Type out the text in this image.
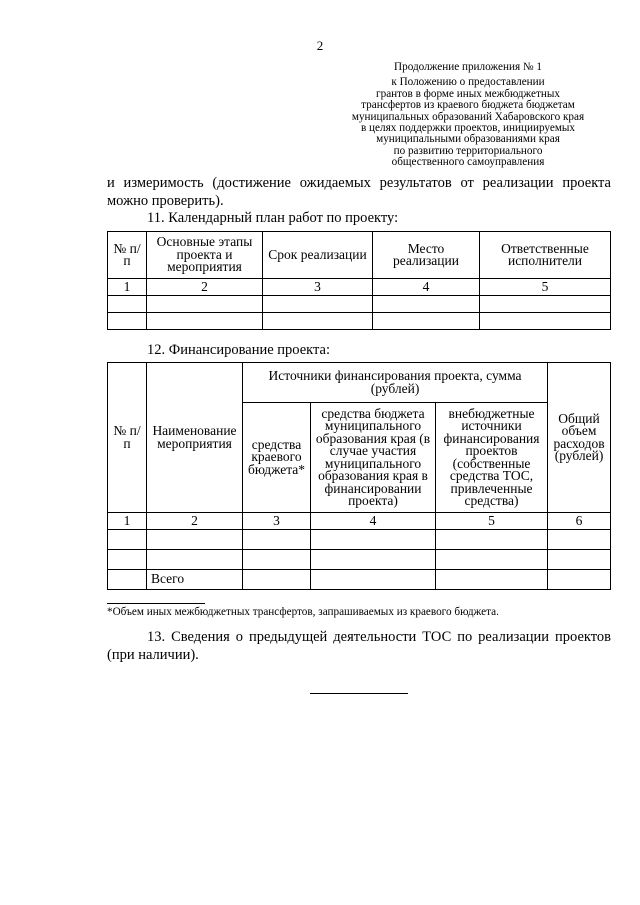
2
Продолжение приложения № 1
к Положению о предоставлении
грантов в форме иных межбюджетных
трансфертов из краевого бюджета бюджетам
муниципальных образований Хабаровского края
в целях поддержки проектов, инициируемых
муниципальными образованиями края
по развитию территориального
общественного самоуправления
и измеримость (достижение ожидаемых результатов от реализации проекта
можно проверить).
11. Календарный план работ по проекту:
№ п/п	Основные этапы проекта и мероприятия	Срок реализации	Место реализации	Ответственные исполнители
1	2	3	4	5

12. Финансирование проекта:
№ п/п	Наименование мероприятия	Источники финансирования проекта, сумма (рублей)			Общий объем расходов (рублей)
		средства краевого бюджета*	средства бюджета муниципального образования края (в случае участия муниципального образования края в финансировании проекта)	внебюджетные источники финансирования проектов (собственные средства ТОС, привлеченные средства)	
1	2	3	4	5	6

	Всего				
*Объем иных межбюджетных трансфертов, запрашиваемых из краевого бюджета.
13. Сведения о предыдущей деятельности ТОС по реализации проектов
(при наличии).
